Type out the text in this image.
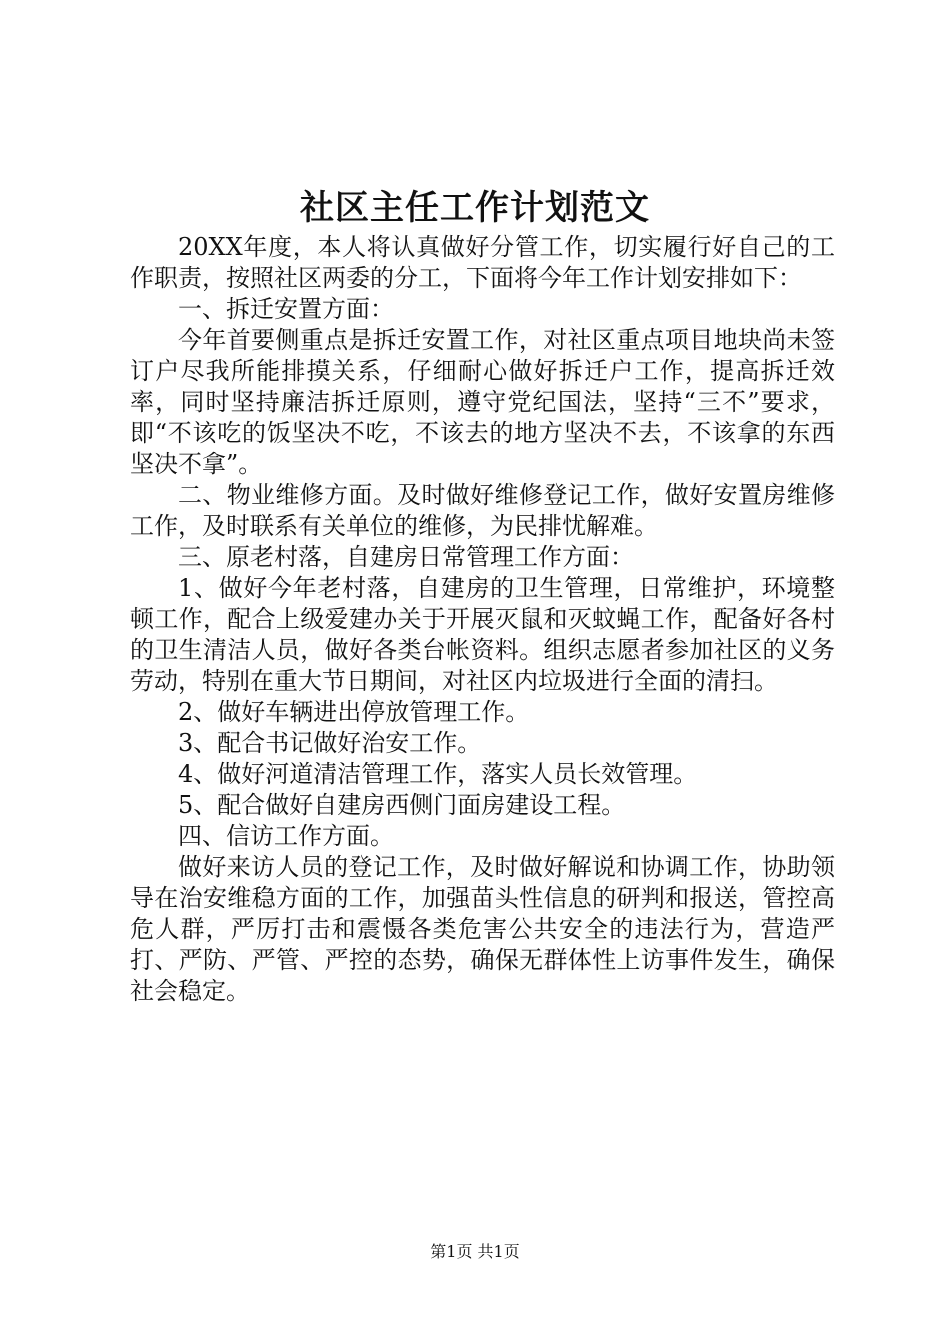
社区主任工作计划范文

20XX年度，本人将认真做好分管工作，切实履行好自己的工作职责，按照社区两委的分工，下面将今年工作计划安排如下：

一、拆迁安置方面：

今年首要侧重点是拆迁安置工作，对社区重点项目地块尚未签订户尽我所能排摸关系，仔细耐心做好拆迁户工作，提高拆迁效率，同时坚持廉洁拆迁原则，遵守党纪国法，坚持“三不”要求，即“不该吃的饭坚决不吃，不该去的地方坚决不去，不该拿的东西坚决不拿”。

二、物业维修方面。及时做好维修登记工作，做好安置房维修工作，及时联系有关单位的维修，为民排忧解难。

三、原老村落，自建房日常管理工作方面：

1、做好今年老村落，自建房的卫生管理，日常维护，环境整顿工作，配合上级爱建办关于开展灭鼠和灭蚊蝇工作，配备好各村的卫生清洁人员，做好各类台帐资料。组织志愿者参加社区的义务劳动，特别在重大节日期间，对社区内垃圾进行全面的清扫。

2、做好车辆进出停放管理工作。

3、配合书记做好治安工作。

4、做好河道清洁管理工作，落实人员长效管理。

5、配合做好自建房西侧门面房建设工程。

四、信访工作方面。

做好来访人员的登记工作，及时做好解说和协调工作，协助领导在治安维稳方面的工作，加强苗头性信息的研判和报送，管控高危人群，严厉打击和震慑各类危害公共安全的违法行为，营造严打、严防、严管、严控的态势，确保无群体性上访事件发生，确保社会稳定。

第1页 共1页
